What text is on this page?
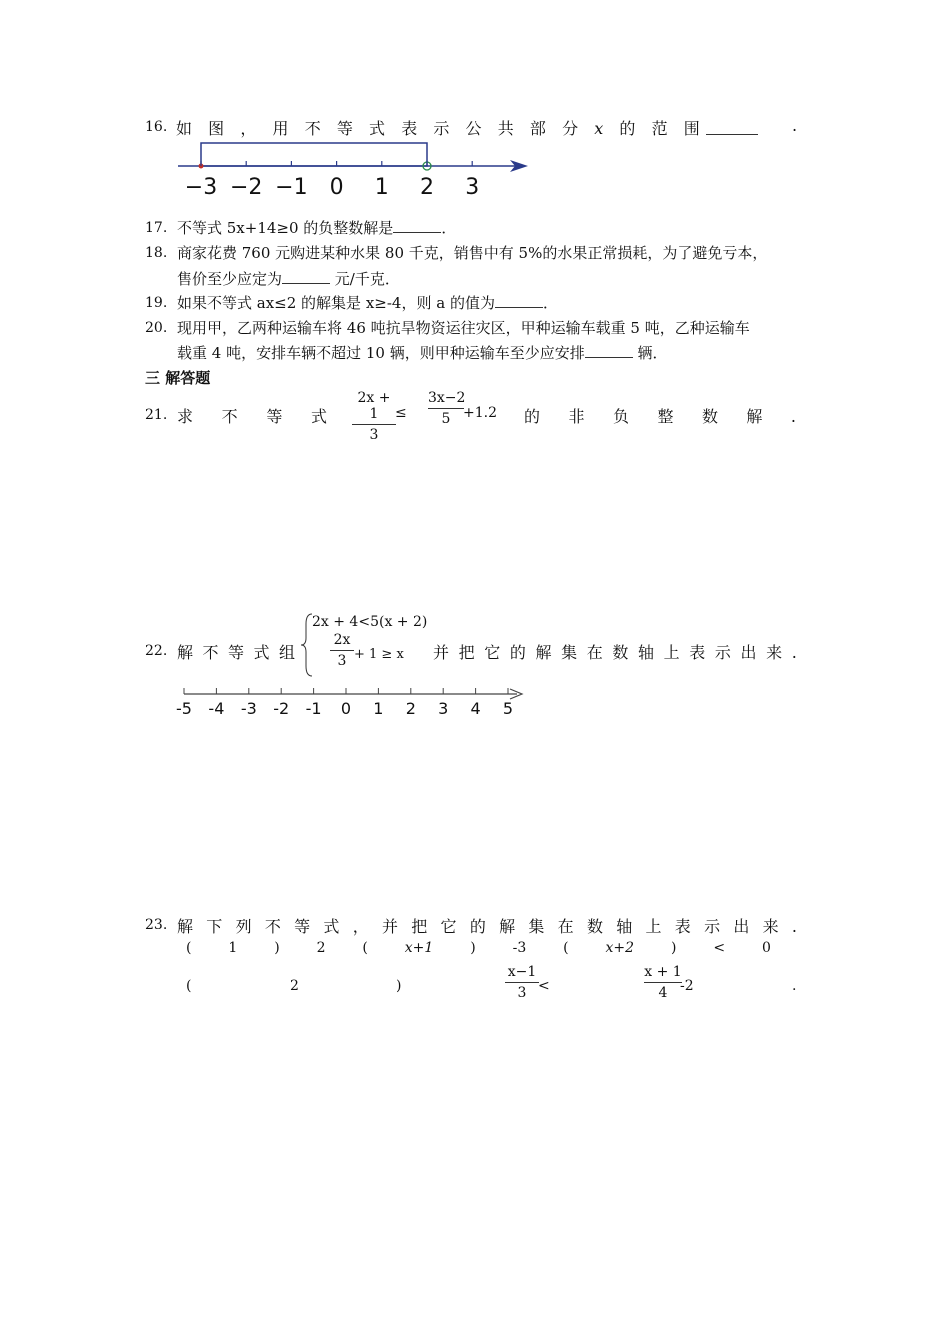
16. 如 图 ， 用 不 等 式 表 示 公 共 部 分 x 的 范 围	.
−3 −2 −1 0 1 2 3
17. 不等式 5x+14≥0 的负整数解是	．
18. 商家花费 760 元购进某种水果 80 千克，销售中有 5%的水果正常损耗，为了避免亏本，
售价至少应定为	元/千克．
19. 如果不等式 ax≤2 的解集是 x≥-4，则 a 的值为	．
20. 现用甲，乙两种运输车将 46 吨抗旱物资运往灾区，甲种运输车载重 5 吨，乙种运输车
载重 4 吨，安排车辆不超过 10 辆，则甲种运输车至少应安排	辆．
三 解答题
21. 求 不 等 式
2x + 1
3
≤
3x−2
5 +1.2 的 非 负 整 数 解 .
22. 解 不 等 式 组
2x + 4<5(x + 2)
2x
3 + 1 ≥ x 并 把 它 的 解 集 在 数 轴 上 表 示 出 来 .
-5 -4 -3 -2 -1 0 1 2 3 4 5
23. 解 下 列 不 等 式 ， 并 把 它 的 解 集 在 数 轴 上 表 示 出 来 .
(	1	)	2	(	x+1	)	-3	(	x+2	)	<	0
(	2	)
x−1
3 <
x + 1
4 -2	.
